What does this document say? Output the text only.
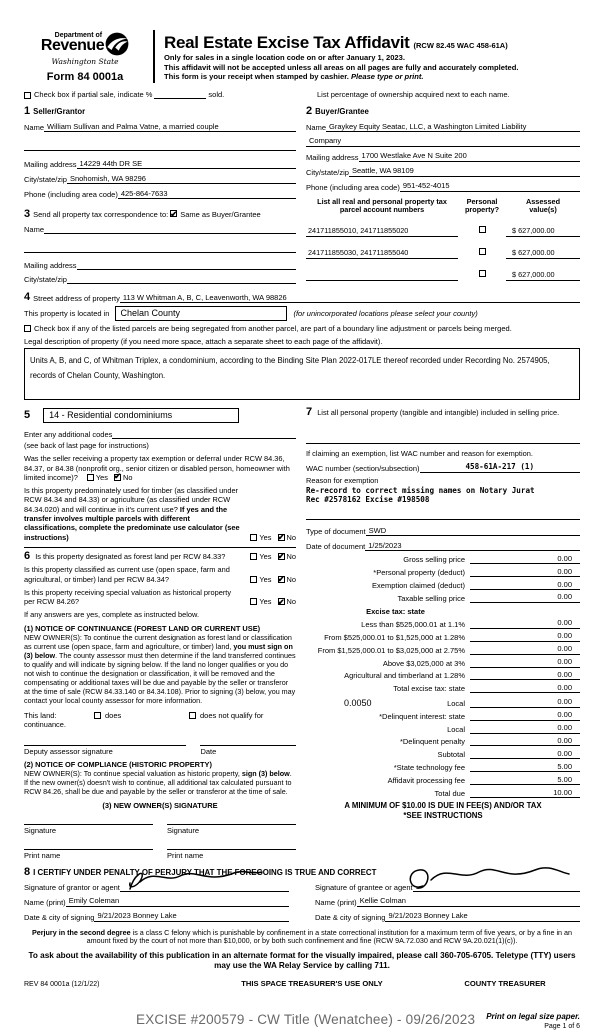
Department of
Revenue
Washington State
Form 84 0001a
Real Estate Excise Tax Affidavit (RCW 82.45 WAC 458-61A)
Only for sales in a single location code on or after January 1, 2023.
This affidavit will not be accepted unless all areas on all pages are fully and accurately completed.
This form is your receipt when stamped by cashier. Please type or print.
Check box if partial sale, indicate %	sold.	List percentage of ownership acquired next to each name.
1 Seller/Grantor
Name William Sullivan and Palma Vatne, a married couple
Mailing address 14229 44th DR SE
City/state/zip Snohomish, WA 98296
Phone (including area code) 425-864-7633
3 Send all property tax correspondence to: ✔ Same as Buyer/Grantee
Name
Mailing address
City/state/zip
2 Buyer/Grantee
Name Graykey Equity Seatac, LLC, a Washington Limited Liability
Company
Mailing address 1700 Westlake Ave N Suite 200
City/state/zip Seattle, WA 98109
Phone (including area code) 951-452-4015
List all real and personal property tax
parcel account numbers
Personal
property?
Assessed
value(s)
241711855010, 241711855020	$ 627,000.00
241711855030, 241711855040	$ 627,000.00
$ 627,000.00
4 Street address of property 113 W Whitman A, B, C, Leavenworth, WA 98826
This property is located in	Chelan County	(for unincorporated locations please select your county)
Check box if any of the listed parcels are being segregated from another parcel, are part of a boundary line adjustment or parcels being merged.
Legal description of property (if you need more space, attach a separate sheet to each page of the affidavit).
Units A, B, and C, of Whitman Triplex, a condominium, according to the Binding Site Plan 2022-017LE thereof recorded under Recording No. 2574905, records of Chelan County, Washington.
5	14 - Residential condominiums
Enter any additional codes
(see back of last page for instructions)
Was the seller receiving a property tax exemption or deferral under RCW 84.36, 84.37, or 84.38 (nonprofit org., senior citizen or disabled person, homeowner with limited income)? Yes ✔ No
Is this property predominately used for timber (as classified under RCW 84.34 and 84.33) or agriculture (as classified under RCW 84.34.020) and will continue in it's current use? If yes and the transfer involves multiple parcels with different classifications, complete the predominate use calculator (see instructions)	Yes ✔ No
6 Is this property designated as forest land per RCW 84.33?	Yes ✔ No
Is this property classified as current use (open space, farm and agricultural, or timber) land per RCW 84.34?	Yes ✔ No
Is this property receiving special valuation as historical property per RCW 84.26?	Yes ✔ No
If any answers are yes, complete as instructed below.
(1) NOTICE OF CONTINUANCE (FOREST LAND OR CURRENT USE)
NEW OWNER(S): To continue the current designation as forest land or classification as current use (open space, farm and agriculture, or timber) land, you must sign on (3) below. The county assessor must then determine if the land transferred continues to qualify and will indicate by signing below. If the land no longer qualifies or you do not wish to continue the designation or classification, it will be removed and the compensating or additional taxes will be due and payable by the seller or transferor at the time of sale (RCW 84.33.140 or 84.34.108). Prior to signing (3) below, you may contact your local county assessor for more information.
This land:	does	does not qualify for
continuance.
Deputy assessor signature	Date
(2) NOTICE OF COMPLIANCE (HISTORIC PROPERTY)
NEW OWNER(S): To continue special valuation as historic property, sign (3) below. If the new owner(s) doesn't wish to continue, all additional tax calculated pursuant to RCW 84.26, shall be due and payable by the seller or transferor at the time of sale.
(3) NEW OWNER(S) SIGNATURE
Signature	Signature
Print name	Print name
7 List all personal property (tangible and intangible) included in selling price.
If claiming an exemption, list WAC number and reason for exemption.
WAC number (section/subsection)	458-61A-217 (1)
Reason for exemption
Re-record to correct missing names on Notary Jurat
Rec #2578162 Excise #198508
Type of document SWD
Date of document 1/25/2023
Gross selling price	0.00
*Personal property (deduct)	0.00
Exemption claimed (deduct)	0.00
Taxable selling price	0.00
Excise tax: state
Less than $525,000.01 at 1.1%	0.00
From $525,000.01 to $1,525,000 at 1.28%	0.00
From $1,525,000.01 to $3,025,000 at 2.75%	0.00
Above $3,025,000 at 3%	0.00
Agricultural and timberland at 1.28%	0.00
Total excise tax: state	0.00
0.0050	Local	0.00
*Delinquent interest: state	0.00
Local	0.00
*Delinquent penalty	0.00
Subtotal	0.00
*State technology fee	5.00
Affidavit processing fee	5.00
Total due	10.00
A MINIMUM OF $10.00 IS DUE IN FEE(S) AND/OR TAX
*SEE INSTRUCTIONS
8 I CERTIFY UNDER PENALTY OF PERJURY THAT THE FOREGOING IS TRUE AND CORRECT
Signature of grantor or agent
Name (print) Emily Coleman
Date & city of signing 9/21/2023 Bonney Lake
Signature of grantee or agent
Name (print) Kellie Colman
Date & city of signing 9/21/2023 Bonney Lake
Perjury in the second degree is a class C felony which is punishable by confinement in a state correctional institution for a maximum term of five years, or by a fine in an amount fixed by the court of not more than $10,000, or by both such confinement and fine (RCW 9A.72.030 and RCW 9A.20.021(1)(c)).
To ask about the availability of this publication in an alternate format for the visually impaired, please call 360-705-6705. Teletype (TTY) users may use the WA Relay Service by calling 711.
REV 84 0001a (12/1/22)	THIS SPACE TREASURER'S USE ONLY	COUNTY TREASURER
EXCISE #200579 - CW Title (Wenatchee) - 09/26/2023 Print on legal size paper.
Page 1 of 6
